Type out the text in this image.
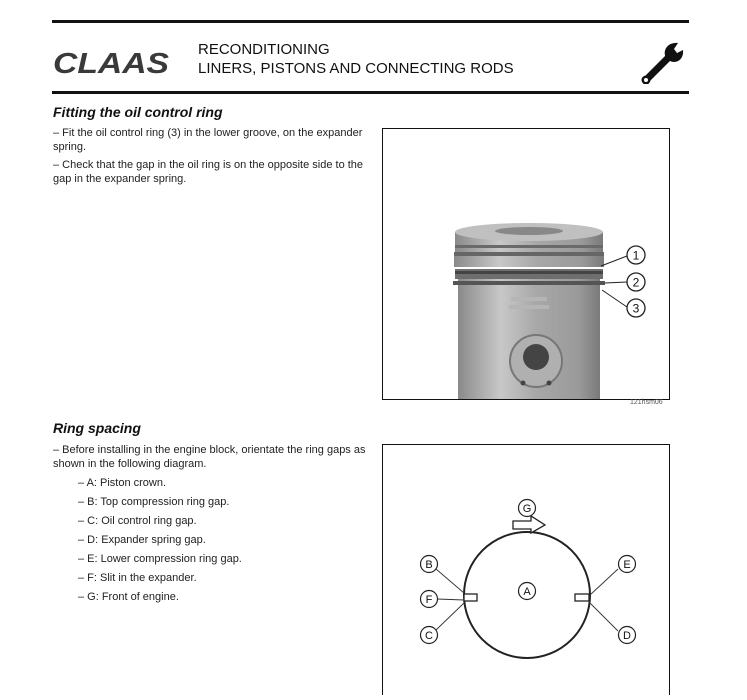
CLAAS RECONDITIONING
LINERS, PISTONS AND CONNECTING RODS
Fitting the oil control ring

– Fit the oil control ring (3) in the lower groove, on the expander spring.

– Check that the gap in the oil ring is on the opposite side to the gap in the expander spring.

1
2
3
121hsm06
Ring spacing

– Before installing in the engine block, orientate the ring gaps as shown in the following diagram.

– A: Piston crown.
– B: Top compression ring gap.
– C: Oil control ring gap.
– D: Expander spring gap.
– E: Lower compression ring gap.
– F: Slit in the expander.
– G: Front of engine.
G
A
B
F
C
E
D
